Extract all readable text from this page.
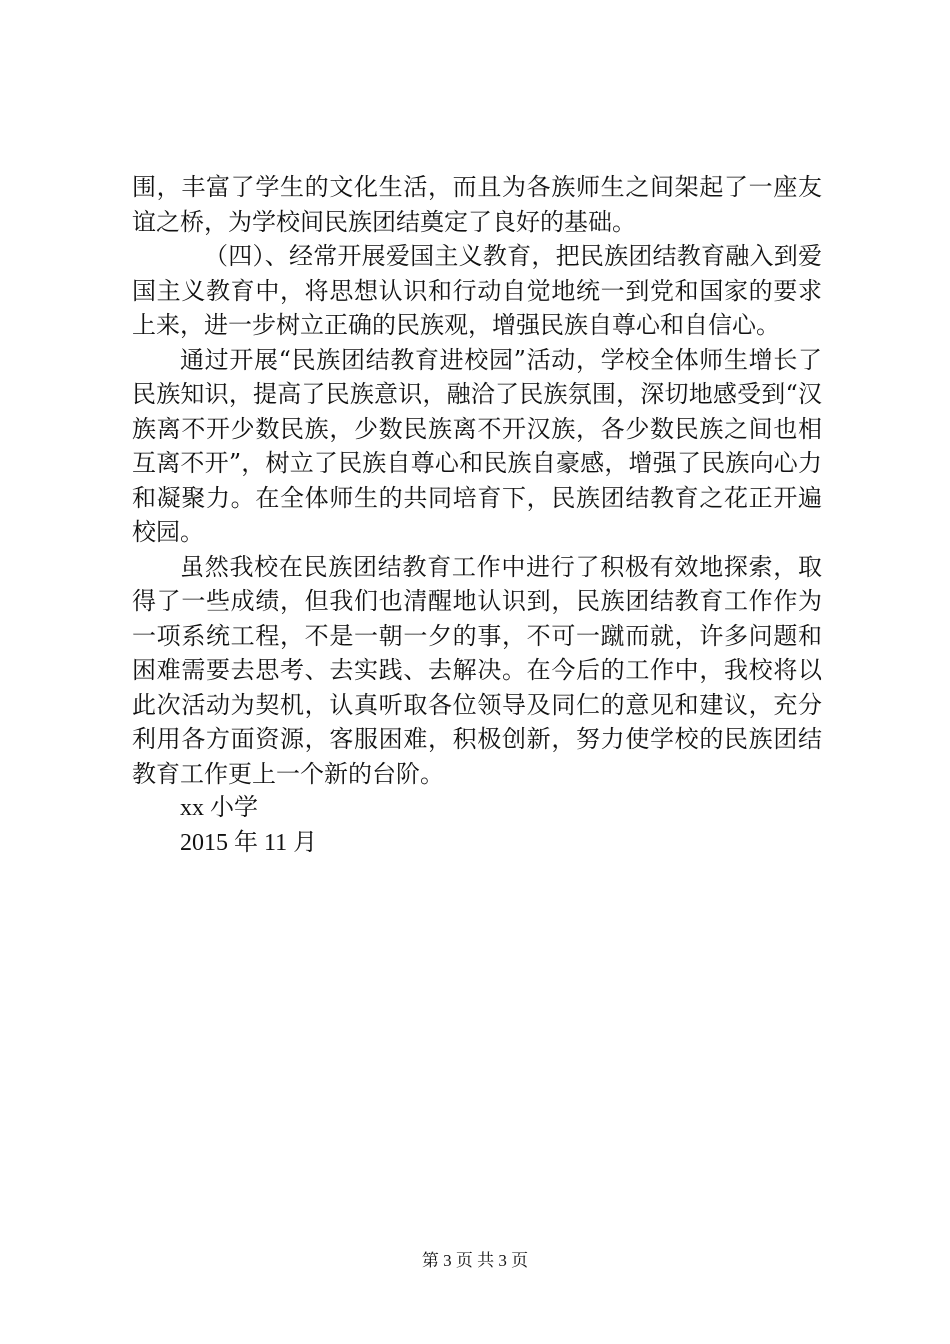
围，丰富了学生的文化生活，而且为各族师生之间架起了一座友谊之桥，为学校间民族团结奠定了良好的基础。

（四）、经常开展爱国主义教育，把民族团结教育融入到爱国主义教育中，将思想认识和行动自觉地统一到党和国家的要求上来，进一步树立正确的民族观，增强民族自尊心和自信心。

通过开展“民族团结教育进校园”活动，学校全体师生增长了民族知识，提高了民族意识，融洽了民族氛围，深切地感受到“汉族离不开少数民族，少数民族离不开汉族，各少数民族之间也相互离不开”，树立了民族自尊心和民族自豪感，增强了民族向心力和凝聚力。在全体师生的共同培育下，民族团结教育之花正开遍校园。

虽然我校在民族团结教育工作中进行了积极有效地探索，取得了一些成绩，但我们也清醒地认识到，民族团结教育工作作为一项系统工程，不是一朝一夕的事，不可一蹴而就，许多问题和困难需要去思考、去实践、去解决。在今后的工作中，我校将以此次活动为契机，认真听取各位领导及同仁的意见和建议，充分利用各方面资源，客服困难，积极创新，努力使学校的民族团结教育工作更上一个新的台阶。

xx 小学

2015 年 11 月

第 3 页 共 3 页
